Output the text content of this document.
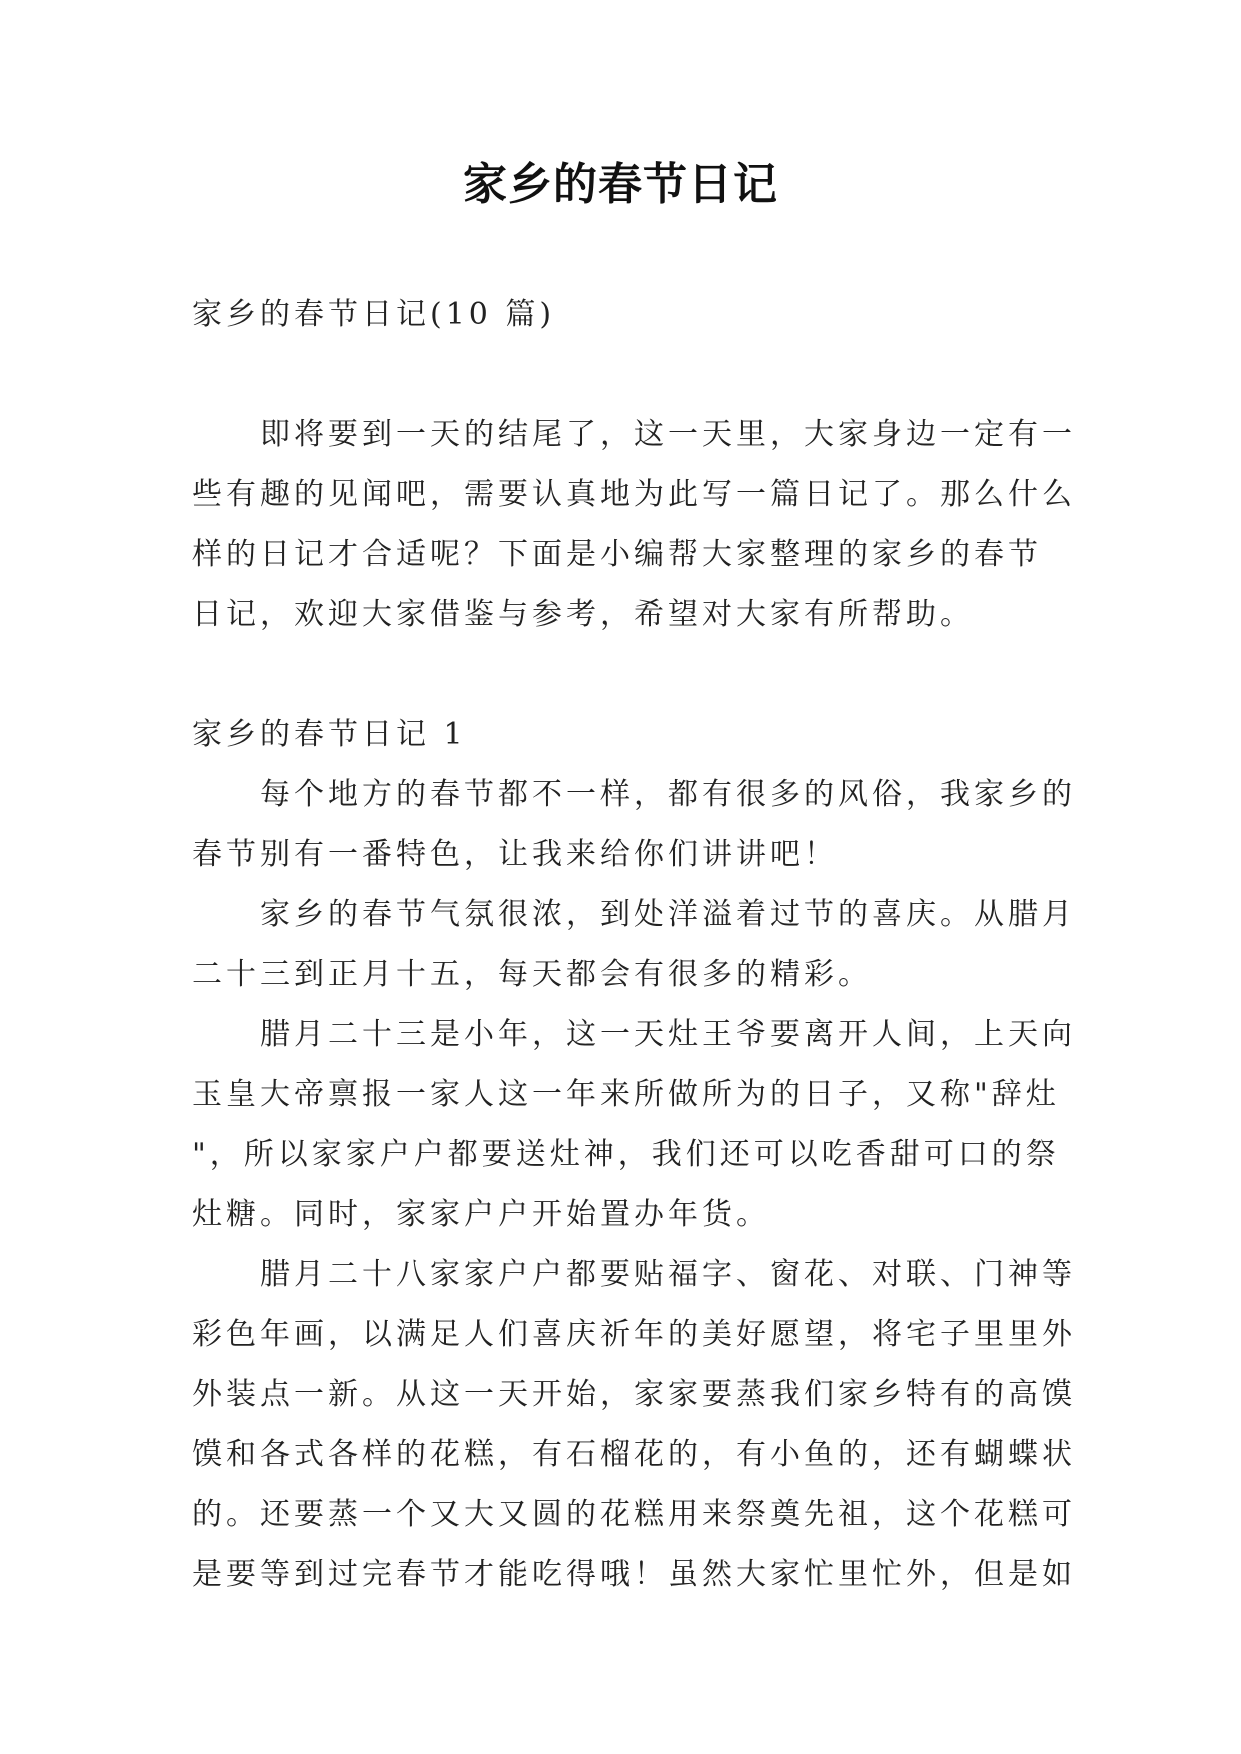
家乡的春节日记
家乡的春节日记(10 篇)
即将要到一天的结尾了，这一天里，大家身边一定有一
些有趣的见闻吧，需要认真地为此写一篇日记了。那么什么
样的日记才合适呢？下面是小编帮大家整理的家乡的春节
日记，欢迎大家借鉴与参考，希望对大家有所帮助。
家乡的春节日记 1
每个地方的春节都不一样，都有很多的风俗，我家乡的
春节别有一番特色，让我来给你们讲讲吧！
家乡的春节气氛很浓，到处洋溢着过节的喜庆。从腊月
二十三到正月十五，每天都会有很多的精彩。
腊月二十三是小年，这一天灶王爷要离开人间，上天向
玉皇大帝禀报一家人这一年来所做所为的日子，又称"辞灶
"，所以家家户户都要送灶神，我们还可以吃香甜可口的祭
灶糖。同时，家家户户开始置办年货。
腊月二十八家家户户都要贴福字、窗花、对联、门神等
彩色年画，以满足人们喜庆祈年的美好愿望，将宅子里里外
外装点一新。从这一天开始，家家要蒸我们家乡特有的高馍
馍和各式各样的花糕，有石榴花的，有小鱼的，还有蝴蝶状
的。还要蒸一个又大又圆的花糕用来祭奠先祖，这个花糕可
是要等到过完春节才能吃得哦！虽然大家忙里忙外，但是如
